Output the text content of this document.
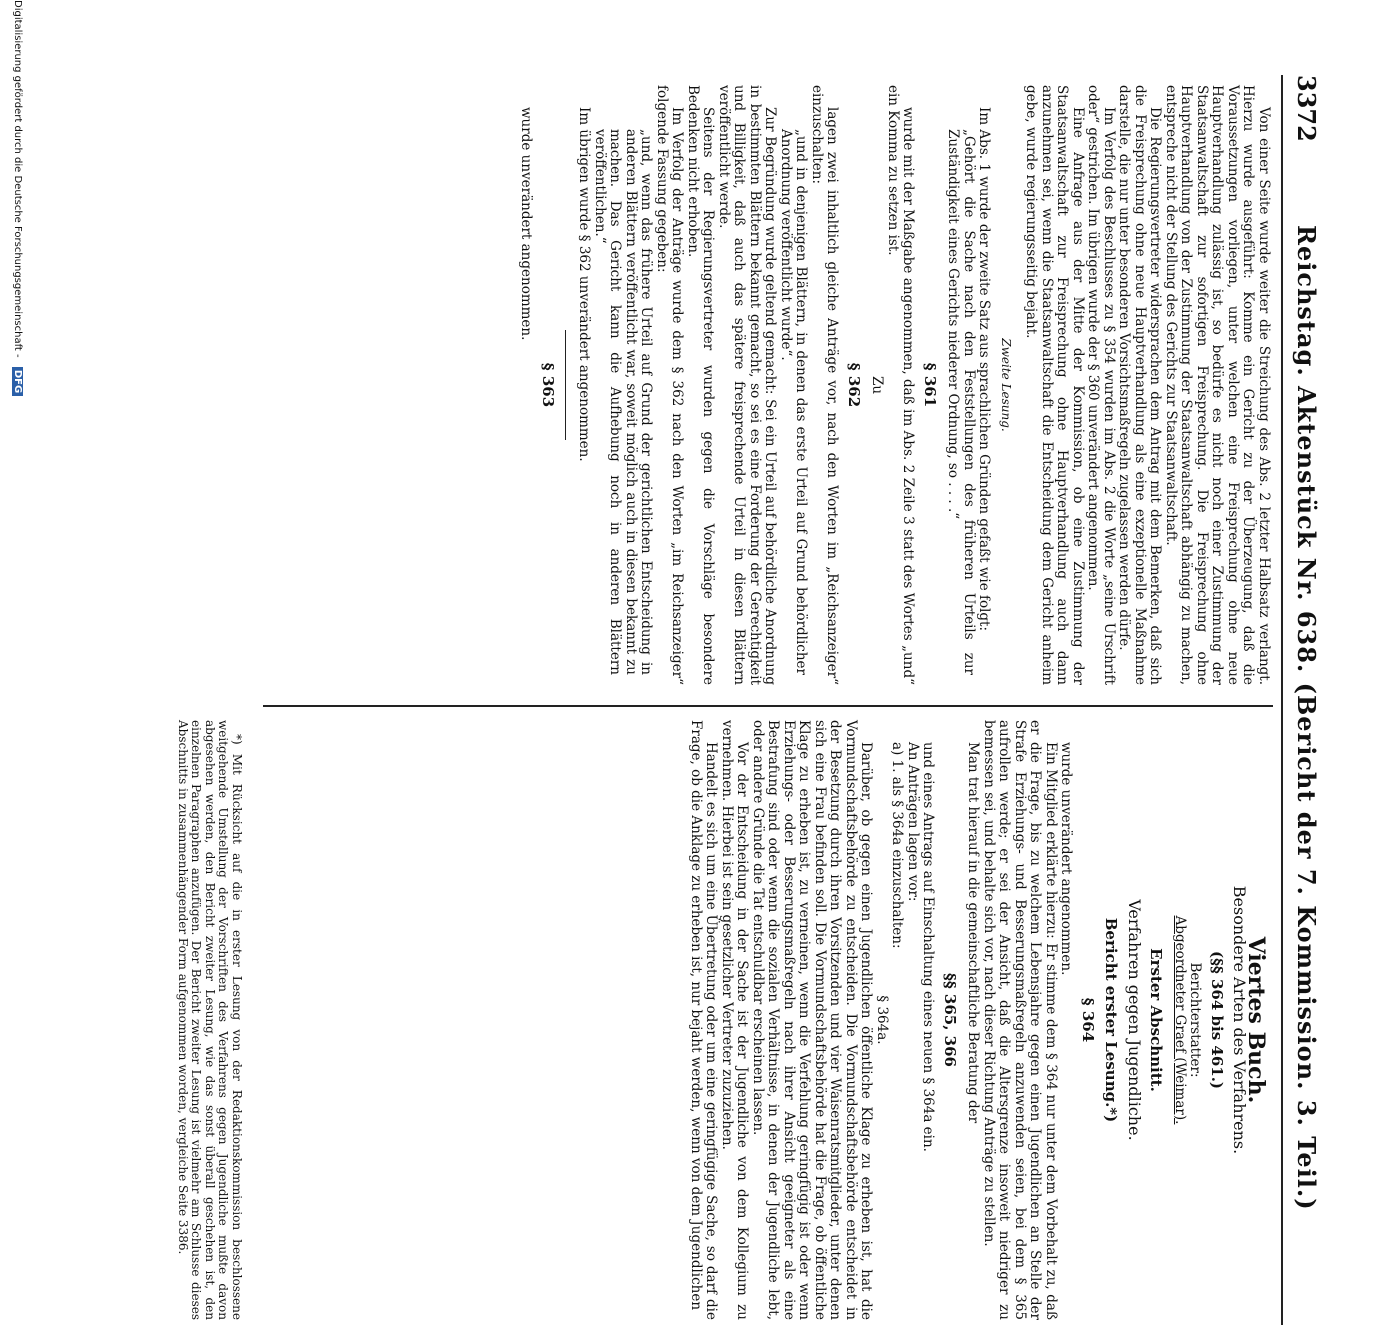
3372
Reichstag. Aktenstück Nr. 638. (Bericht der 7. Kommission. 3. Teil.)

Von einer Seite wurde weiter die Streichung des Abs. 2 letzter Halbsatz verlangt. Hierzu wurde ausgeführt: Komme ein Gericht zu der Überzeugung, daß die Voraussetzungen vorliegen, unter welchen eine Freisprechung ohne neue Hauptverhandlung zulässig ist, so bedürfe es nicht noch einer Zustimmung der Staatsanwaltschaft zur sofortigen Freisprechung. Die Freisprechung ohne Hauptverhandlung von der Zustimmung der Staatsanwaltschaft abhängig zu machen, entspreche nicht der Stellung des Gerichts zur Staatsanwaltschaft.

Die Regierungsvertreter widersprachen dem Antrag mit dem Bemerken, daß sich die Freisprechung ohne neue Hauptverhandlung als eine exzeptionelle Maßnahme darstelle, die nur unter besonderen Vorsichtsmaßregeln zugelassen werden dürfe.

Im Verfolg des Beschlusses zu § 354 wurden im Abs. 2 die Worte „seine Urschrift oder“ gestrichen. Im übrigen wurde der § 360 unverändert angenommen.

Eine Anfrage aus der Mitte der Kommission, ob eine Zustimmung der Staatsanwaltschaft zur Freisprechung ohne Hauptverhandlung auch dann anzunehmen sei, wenn die Staatsanwaltschaft die Entscheidung dem Gericht anheim gebe, wurde regierungsseitig bejaht.

Zweite Lesung.

Im Abs. 1 wurde der zweite Satz aus sprachlichen Gründen gefaßt wie folgt:

„Gehört die Sache nach den Feststellungen des früheren Urteils zur Zuständigkeit eines Gerichts niederer Ordnung, so . . . .“

§ 361

wurde mit der Maßgabe angenommen, daß im Abs. 2 Zeile 3 statt des Wortes „und“ ein Komma zu setzen ist.

Zu

§ 362

lagen zwei inhaltlich gleiche Anträge vor, nach den Worten im „Reichsanzeiger“ einzuschalten:

„und in denjenigen Blättern, in denen das erste Urteil auf Grund behördlicher Anordnung veröffentlicht wurde“.

Zur Begründung wurde geltend gemacht: Sei ein Urteil auf behördliche Anordnung in bestimmten Blättern bekannt gemacht, so sei es eine Forderung der Gerechtigkeit und Billigkeit, daß auch das spätere freisprechende Urteil in diesen Blättern veröffentlicht werde.

Seitens der Regierungsvertreter wurden gegen die Vorschläge besondere Bedenken nicht erhoben.

Im Verfolg der Anträge wurde dem § 362 nach den Worten „im Reichsanzeiger“ folgende Fassung gegeben:

„und, wenn das frühere Urteil auf Grund der gerichtlichen Entscheidung in anderen Blättern veröffentlicht war, soweit möglich auch in diesen bekannt zu machen. Das Gericht kann die Aufhebung noch in anderen Blättern veröffentlichen.“

Im übrigen wurde § 362 unverändert angenommen.

§ 363

wurde unverändert angenommen.

Viertes Buch.

Besondere Arten des Verfahrens.

(§§ 364 bis 461.)

Berichterstatter:

Abgeordneter Graef (Weimar).

Erster Abschnitt.

Verfahren gegen Jugendliche.

Bericht erster Lesung.*)

§ 364

wurde unverändert angenommen.

Ein Mitglied erklärte hierzu: Er stimme dem § 364 nur unter dem Vorbehalt zu, daß er die Frage, bis zu welchem Lebensjahre gegen einen Jugendlichen an Stelle der Strafe Erziehungs- und Besserungsmaßregeln anzuwenden seien, bei dem § 365 aufrollen werde; er sei der Ansicht, daß die Altersgrenze insoweit niedriger zu bemessen sei, und behalte sich vor, nach dieser Richtung Anträge zu stellen.

Man trat hierauf in die gemeinschaftliche Beratung der

§§ 365, 366

und eines Antrags auf Einschaltung eines neuen § 364a ein.

An Anträgen lagen vor:

a) 1. als § 364a einzuschalten:

§ 364a.

Darüber, ob gegen einen Jugendlichen öffentliche Klage zu erheben ist, hat die Vormundschaftsbehörde zu entscheiden. Die Vormundschaftsbehörde entscheidet in der Besetzung durch ihren Vorsitzenden und vier Waisenratsmitglieder, unter denen sich eine Frau befinden soll. Die Vormundschaftsbehörde hat die Frage, ob öffentliche Klage zu erheben ist, zu verneinen, wenn die Verfehlung geringfügig ist oder wenn Erziehungs- oder Besserungsmaßregeln nach ihrer Ansicht geeigneter als eine Bestrafung sind oder wenn die sozialen Verhältnisse, in denen der Jugendliche lebt, oder andere Gründe die Tat entschuldbar erscheinen lassen.

Vor der Entscheidung in der Sache ist der Jugendliche von dem Kollegium zu vernehmen. Hierbei ist sein gesetzlicher Vertreter zuzuziehen.

Handelt es sich um eine Übertretung oder um eine geringfügige Sache, so darf die Frage, ob die Anklage zu erheben ist, nur bejaht werden, wenn von dem Jugendlichen

*) Mit Rücksicht auf die in erster Lesung von der Redaktionskommission beschlossene weitgehende Umstellung der Vorschriften des Verfahrens gegen Jugendliche mußte davon abgesehen werden, den Bericht zweiter Lesung, wie das sonst überall geschehen ist, den einzelnen Paragraphen anzufügen. Der Bericht zweiter Lesung ist vielmehr am Schlusse dieses Abschnitts in zusammenhängender Form aufgenommen worden, vergleiche Seite 3386.

Digitalisierung gefördert durch die Deutsche Forschungsgemeinschaft - DFG
